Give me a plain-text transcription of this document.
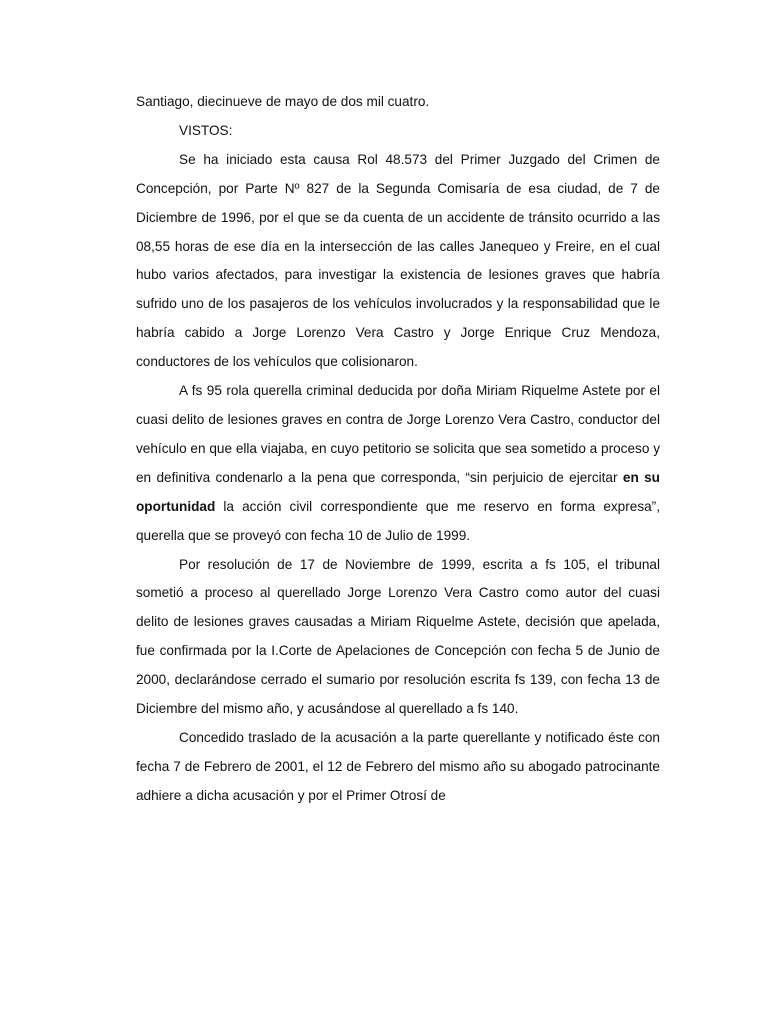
Santiago, diecinueve de mayo de dos mil cuatro.

VISTOS:

Se ha iniciado esta causa Rol 48.573 del Primer Juzgado del Crimen de Concepción, por Parte Nº 827 de la Segunda Comisaría de esa ciudad, de 7 de Diciembre de 1996, por el que se da cuenta de un accidente de tránsito ocurrido a las 08,55 horas de ese día en la intersección de las calles Janequeo y Freire, en el cual hubo varios afectados, para investigar la existencia de lesiones graves que habría sufrido uno de los pasajeros de los vehículos involucrados y la responsabilidad que le habría cabido a Jorge Lorenzo Vera Castro y Jorge Enrique Cruz Mendoza, conductores de los vehículos que colisionaron.

A fs 95 rola querella criminal deducida por doña Miriam Riquelme Astete por el cuasi delito de lesiones graves en contra de Jorge Lorenzo Vera Castro, conductor del vehículo en que ella viajaba, en cuyo petitorio se solicita que sea sometido a proceso y en definitiva condenarlo a la pena que corresponda, “sin perjuicio de ejercitar en su oportunidad la acción civil correspondiente que me reservo en forma expresa”, querella que se proveyó con fecha 10 de Julio de 1999.

Por resolución de 17 de Noviembre de 1999, escrita a fs 105, el tribunal sometió a proceso al querellado Jorge Lorenzo Vera Castro como autor del cuasi delito de lesiones graves causadas a Miriam Riquelme Astete, decisión que apelada, fue confirmada por la I.Corte de Apelaciones de Concepción con fecha 5 de Junio de 2000, declarándose cerrado el sumario por resolución escrita fs 139, con fecha 13 de Diciembre del mismo año, y acusándose al querellado a fs 140.

Concedido traslado de la acusación a la parte querellante y notificado éste con fecha 7 de Febrero de 2001, el 12 de Febrero del mismo año su abogado patrocinante adhiere a dicha acusación y por el Primer Otrosí de
